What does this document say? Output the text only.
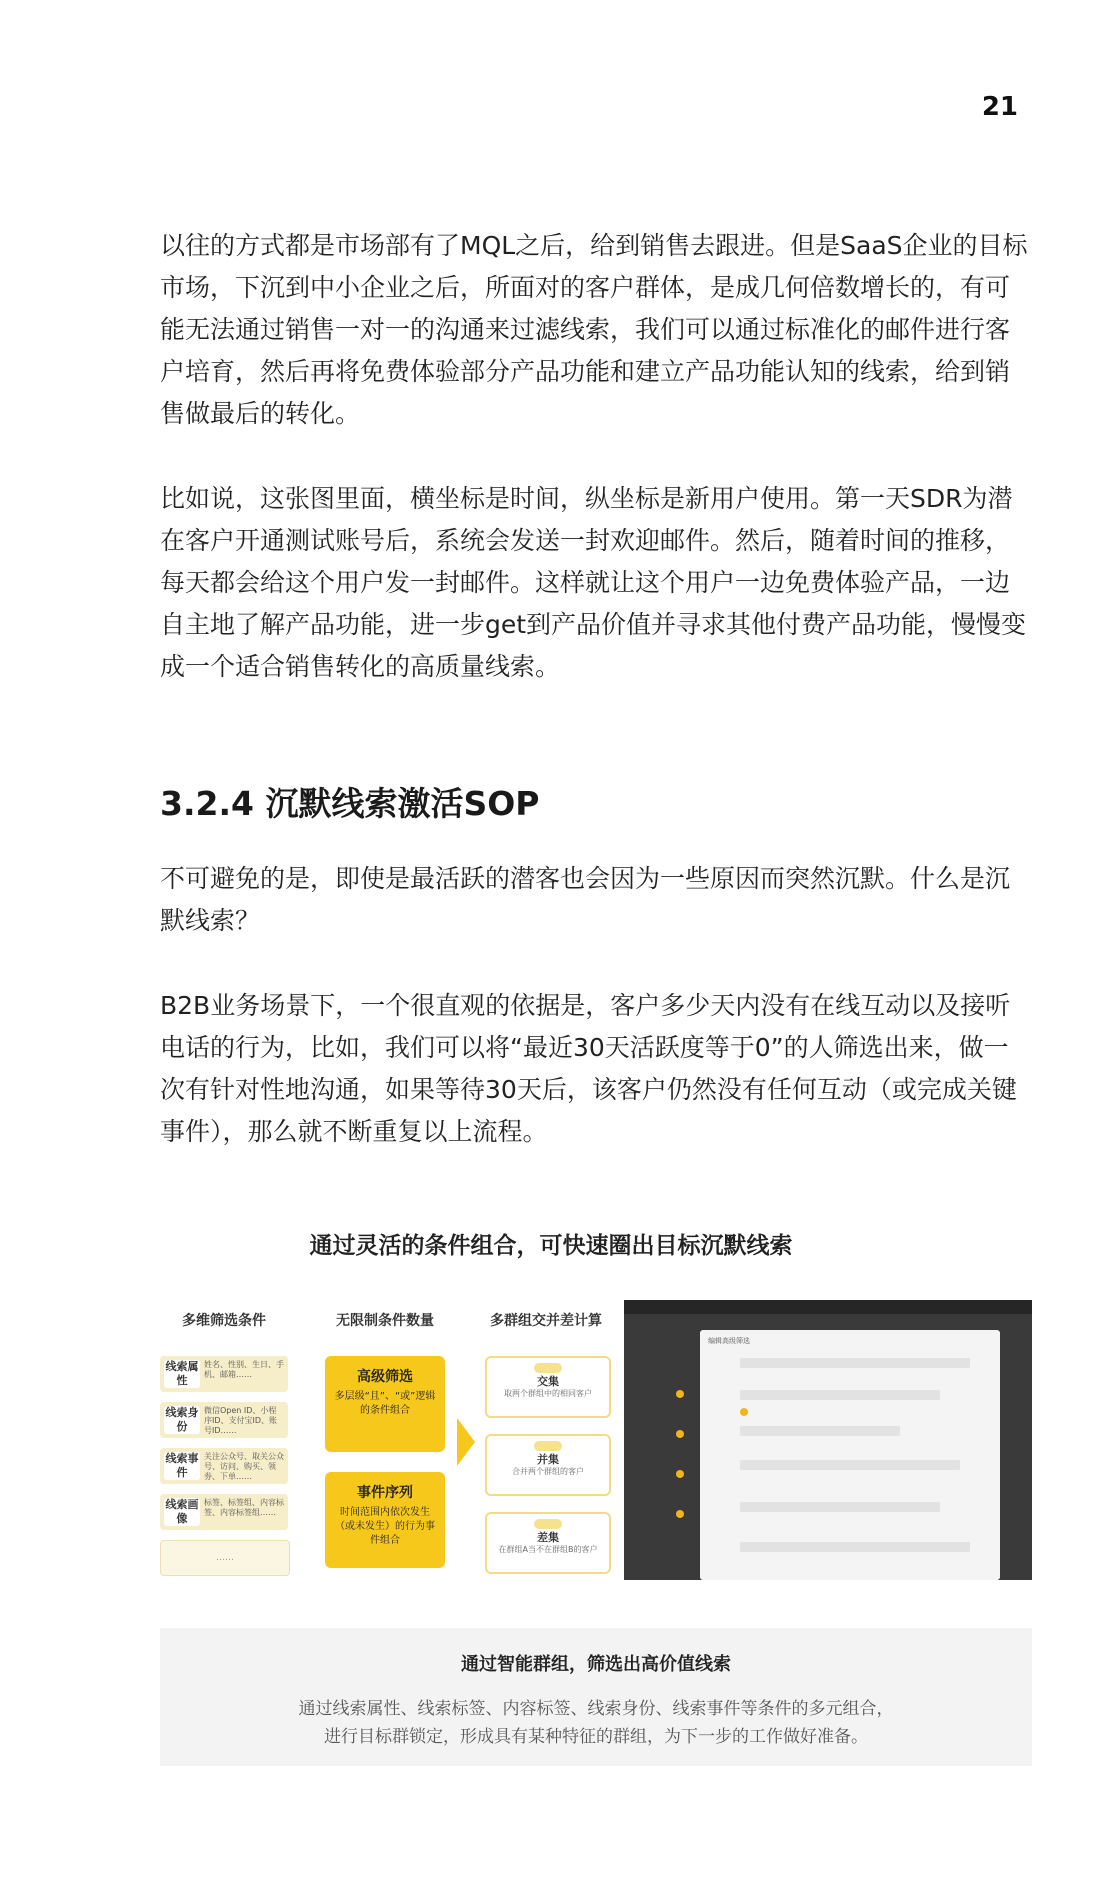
21

以往的方式都是市场部有了MQL之后，给到销售去跟进。但是SaaS企业的目标市场，下沉到中小企业之后，所面对的客户群体，是成几何倍数增长的，有可能无法通过销售一对一的沟通来过滤线索，我们可以通过标准化的邮件进行客户培育，然后再将免费体验部分产品功能和建立产品功能认知的线索，给到销售做最后的转化。

比如说，这张图里面，横坐标是时间，纵坐标是新用户使用。第一天SDR为潜在客户开通测试账号后，系统会发送一封欢迎邮件。然后，随着时间的推移，每天都会给这个用户发一封邮件。这样就让这个用户一边免费体验产品，一边自主地了解产品功能，进一步get到产品价值并寻求其他付费产品功能，慢慢变成一个适合销售转化的高质量线索。

3.2.4 沉默线索激活SOP

不可避免的是，即使是最活跃的潜客也会因为一些原因而突然沉默。什么是沉默线索？

B2B业务场景下，一个很直观的依据是，客户多少天内没有在线互动以及接听电话的行为，比如，我们可以将“最近30天活跃度等于0”的人筛选出来，做一次有针对性地沟通，如果等待30天后，该客户仍然没有任何互动（或完成关键事件），那么就不断重复以上流程。

通过灵活的条件组合，可快速圈出目标沉默线索
多维筛选条件	无限制条件数量	多群组交并差计算
线索属性
姓名、性别、生日、手机、邮箱……
线索身份
微信Open ID、小程序ID、支付宝ID、账号ID……
线索事件
关注公众号、取关公众号、访问、购买、领券、下单……
线索画像
标签、标签组、内容标签、内容标签组……
……
高级筛选
多层级“且”、“或”逻辑的条件组合
事件序列
时间范围内依次发生（或未发生）的行为事件组合
交集
取两个群组中的相同客户
并集
合并两个群组的客户
差集
在群组A当不在群组B的客户
编辑高级筛选
通过智能群组，筛选出高价值线索
通过线索属性、线索标签、内容标签、线索身份、线索事件等条件的多元组合，
进行目标群锁定，形成具有某种特征的群组，为下一步的工作做好准备。
